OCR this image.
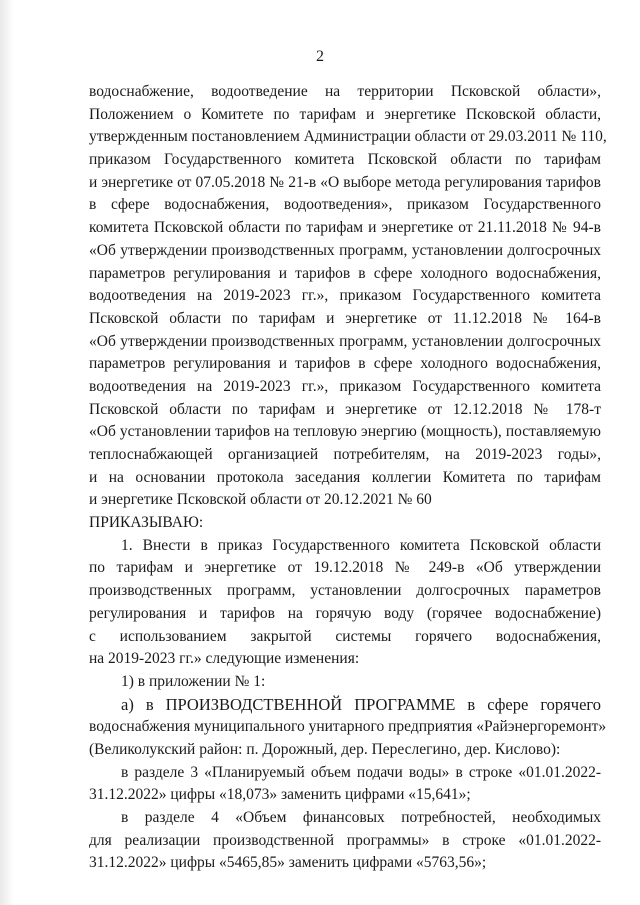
2
водоснабжение, водоотведение на территории Псковской области»,
Положением о Комитете по тарифам и энергетике Псковской области,
утвержденным постановлением Администрации области от 29.03.2011 № 110,
приказом Государственного комитета Псковской области по тарифам
и энергетике от 07.05.2018 № 21-в «О выборе метода регулирования тарифов
в сфере водоснабжения, водоотведения», приказом Государственного
комитета Псковской области по тарифам и энергетике от 21.11.2018 № 94-в
«Об утверждении производственных программ, установлении долгосрочных
параметров регулирования и тарифов в сфере холодного водоснабжения,
водоотведения на 2019-2023 гг.», приказом Государственного комитета
Псковской области по тарифам и энергетике от 11.12.2018 № 164-в
«Об утверждении производственных программ, установлении долгосрочных
параметров регулирования и тарифов в сфере холодного водоснабжения,
водоотведения на 2019-2023 гг.», приказом Государственного комитета
Псковской области по тарифам и энергетике от 12.12.2018 № 178-т
«Об установлении тарифов на тепловую энергию (мощность), поставляемую
теплоснабжающей организацией потребителям, на 2019-2023 годы»,
и на основании протокола заседания коллегии Комитета по тарифам
и энергетике Псковской области от 20.12.2021 № 60
ПРИКАЗЫВАЮ:
1. Внести в приказ Государственного комитета Псковской области
по тарифам и энергетике от 19.12.2018 № 249-в «Об утверждении
производственных программ, установлении долгосрочных параметров
регулирования и тарифов на горячую воду (горячее водоснабжение)
с использованием закрытой системы горячего водоснабжения,
на 2019-2023 гг.» следующие изменения:
1) в приложении № 1:
а) в ПРОИЗВОДСТВЕННОЙ ПРОГРАММЕ в сфере горячего
водоснабжения муниципального унитарного предприятия «Райэнергоремонт»
(Великолукский район: п. Дорожный, дер. Переслегино, дер. Кислово):
в разделе 3 «Планируемый объем подачи воды» в строке «01.01.2022-
31.12.2022» цифры «18,073» заменить цифрами «15,641»;
в разделе 4 «Объем финансовых потребностей, необходимых
для реализации производственной программы» в строке «01.01.2022-
31.12.2022» цифры «5465,85» заменить цифрами «5763,56»;
